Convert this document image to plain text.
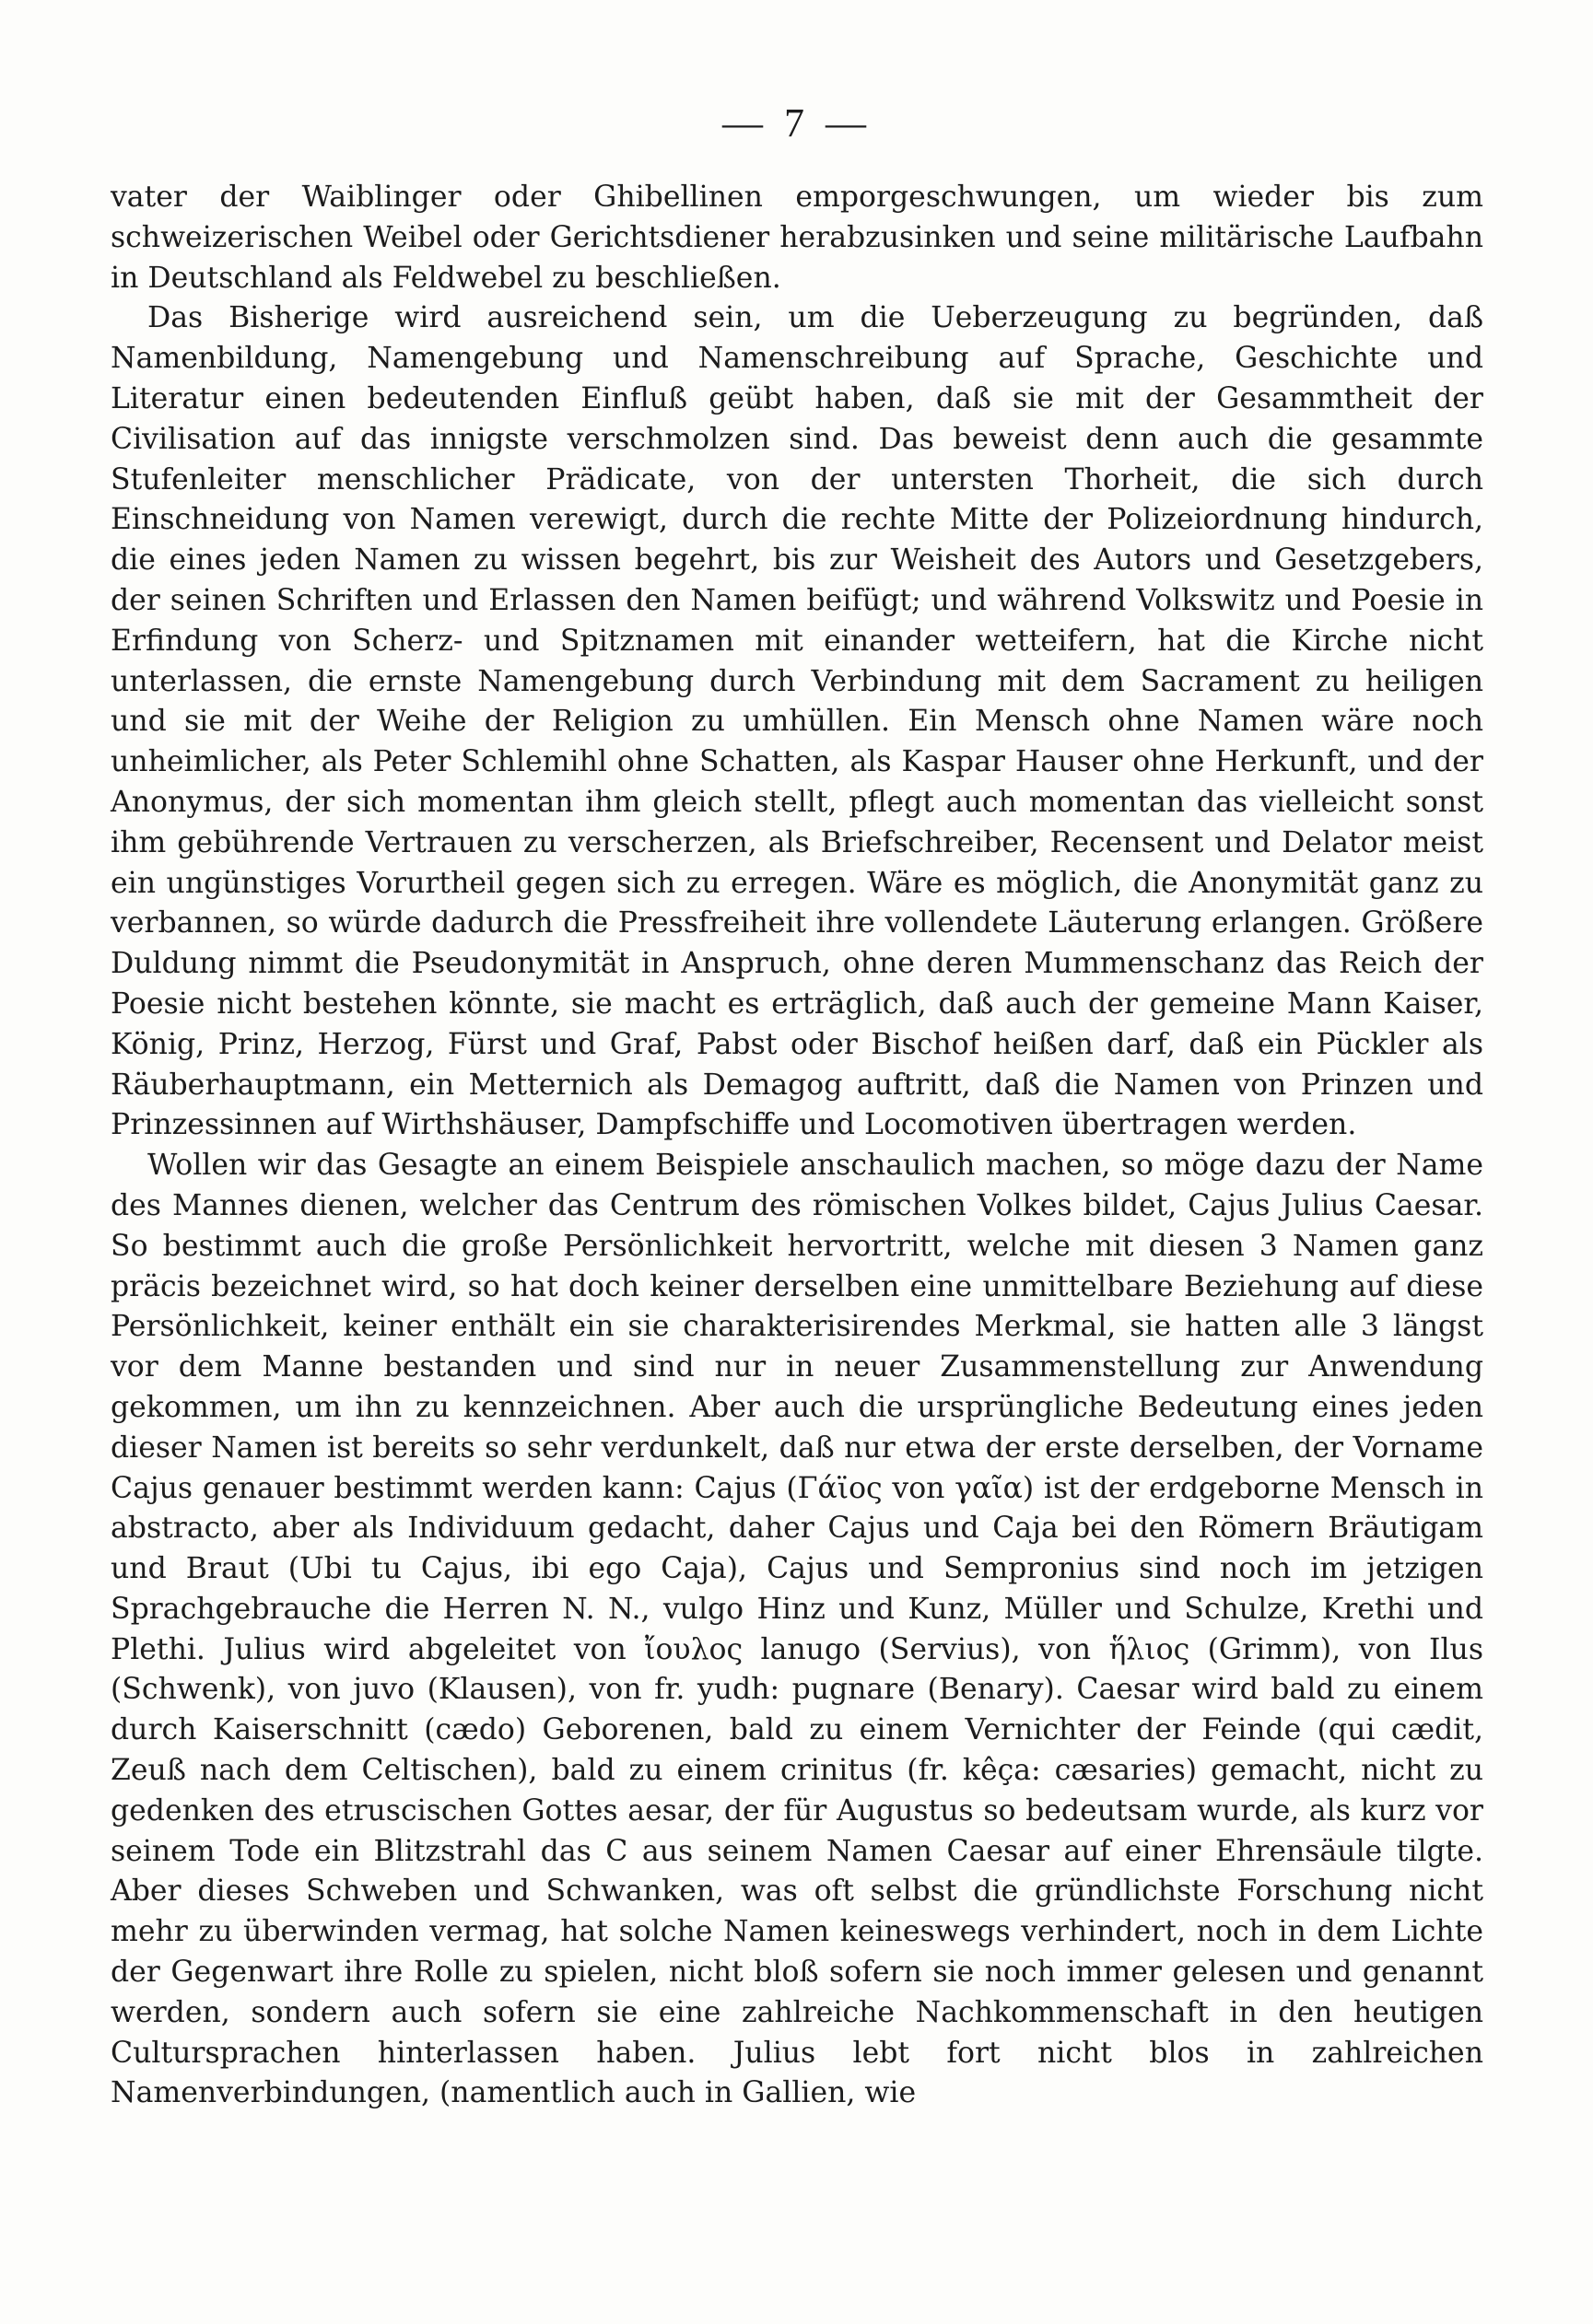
— 7 —

vater der Waiblinger oder Ghibellinen emporgeschwungen, um wieder bis zum schweizerischen Weibel oder Gerichtsdiener herabzusinken und seine militärische Laufbahn in Deutschland als Feldwebel zu beschließen.

Das Bisherige wird ausreichend sein, um die Ueberzeugung zu begründen, daß Namenbildung, Namengebung und Namenschreibung auf Sprache, Geschichte und Literatur einen bedeutenden Einfluß geübt haben, daß sie mit der Gesammtheit der Civilisation auf das innigste verschmolzen sind. Das beweist denn auch die gesammte Stufenleiter menschlicher Prädicate, von der untersten Thorheit, die sich durch Einschneidung von Namen verewigt, durch die rechte Mitte der Polizeiordnung hindurch, die eines jeden Namen zu wissen begehrt, bis zur Weisheit des Autors und Gesetzgebers, der seinen Schriften und Erlassen den Namen beifügt; und während Volkswitz und Poesie in Erfindung von Scherz- und Spitznamen mit einander wetteifern, hat die Kirche nicht unterlassen, die ernste Namengebung durch Verbindung mit dem Sacrament zu heiligen und sie mit der Weihe der Religion zu umhüllen. Ein Mensch ohne Namen wäre noch unheimlicher, als Peter Schlemihl ohne Schatten, als Kaspar Hauser ohne Herkunft, und der Anonymus, der sich momentan ihm gleich stellt, pflegt auch momentan das vielleicht sonst ihm gebührende Vertrauen zu verscherzen, als Briefschreiber, Recensent und Delator meist ein ungünstiges Vorurtheil gegen sich zu erregen. Wäre es möglich, die Anonymität ganz zu verbannen, so würde dadurch die Pressfreiheit ihre vollendete Läuterung erlangen. Größere Duldung nimmt die Pseudonymität in Anspruch, ohne deren Mummenschanz das Reich der Poesie nicht bestehen könnte, sie macht es erträglich, daß auch der gemeine Mann Kaiser, König, Prinz, Herzog, Fürst und Graf, Pabst oder Bischof heißen darf, daß ein Pückler als Räuberhauptmann, ein Metternich als Demagog auftritt, daß die Namen von Prinzen und Prinzessinnen auf Wirthshäuser, Dampfschiffe und Locomotiven übertragen werden.

Wollen wir das Gesagte an einem Beispiele anschaulich machen, so möge dazu der Name des Mannes dienen, welcher das Centrum des römischen Volkes bildet, Cajus Julius Caesar. So bestimmt auch die große Persönlichkeit hervortritt, welche mit diesen 3 Namen ganz präcis bezeichnet wird, so hat doch keiner derselben eine unmittelbare Beziehung auf diese Persönlichkeit, keiner enthält ein sie charakterisirendes Merkmal, sie hatten alle 3 längst vor dem Manne bestanden und sind nur in neuer Zusammenstellung zur Anwendung gekommen, um ihn zu kennzeichnen. Aber auch die ursprüngliche Bedeutung eines jeden dieser Namen ist bereits so sehr verdunkelt, daß nur etwa der erste derselben, der Vorname Cajus genauer bestimmt werden kann: Cajus (Γάϊος von γαῖα) ist der erdgeborne Mensch in abstracto, aber als Individuum gedacht, daher Cajus und Caja bei den Römern Bräutigam und Braut (Ubi tu Cajus, ibi ego Caja), Cajus und Sempronius sind noch im jetzigen Sprachgebrauche die Herren N. N., vulgo Hinz und Kunz, Müller und Schulze, Krethi und Plethi. Julius wird abgeleitet von ἴουλος lanugo (Servius), von ἥλιος (Grimm), von Ilus (Schwenk), von juvo (Klausen), von fr. yudh: pugnare (Benary). Caesar wird bald zu einem durch Kaiserschnitt (cædo) Geborenen, bald zu einem Vernichter der Feinde (qui cædit, Zeuß nach dem Celtischen), bald zu einem crinitus (fr. kêça: cæsaries) gemacht, nicht zu gedenken des etruscischen Gottes aesar, der für Augustus so bedeutsam wurde, als kurz vor seinem Tode ein Blitzstrahl das C aus seinem Namen Caesar auf einer Ehrensäule tilgte. Aber dieses Schweben und Schwanken, was oft selbst die gründlichste Forschung nicht mehr zu überwinden vermag, hat solche Namen keineswegs verhindert, noch in dem Lichte der Gegenwart ihre Rolle zu spielen, nicht bloß sofern sie noch immer gelesen und genannt werden, sondern auch sofern sie eine zahlreiche Nachkommenschaft in den heutigen Cultursprachen hinterlassen haben. Julius lebt fort nicht blos in zahlreichen Namenverbindungen, (namentlich auch in Gallien, wie
